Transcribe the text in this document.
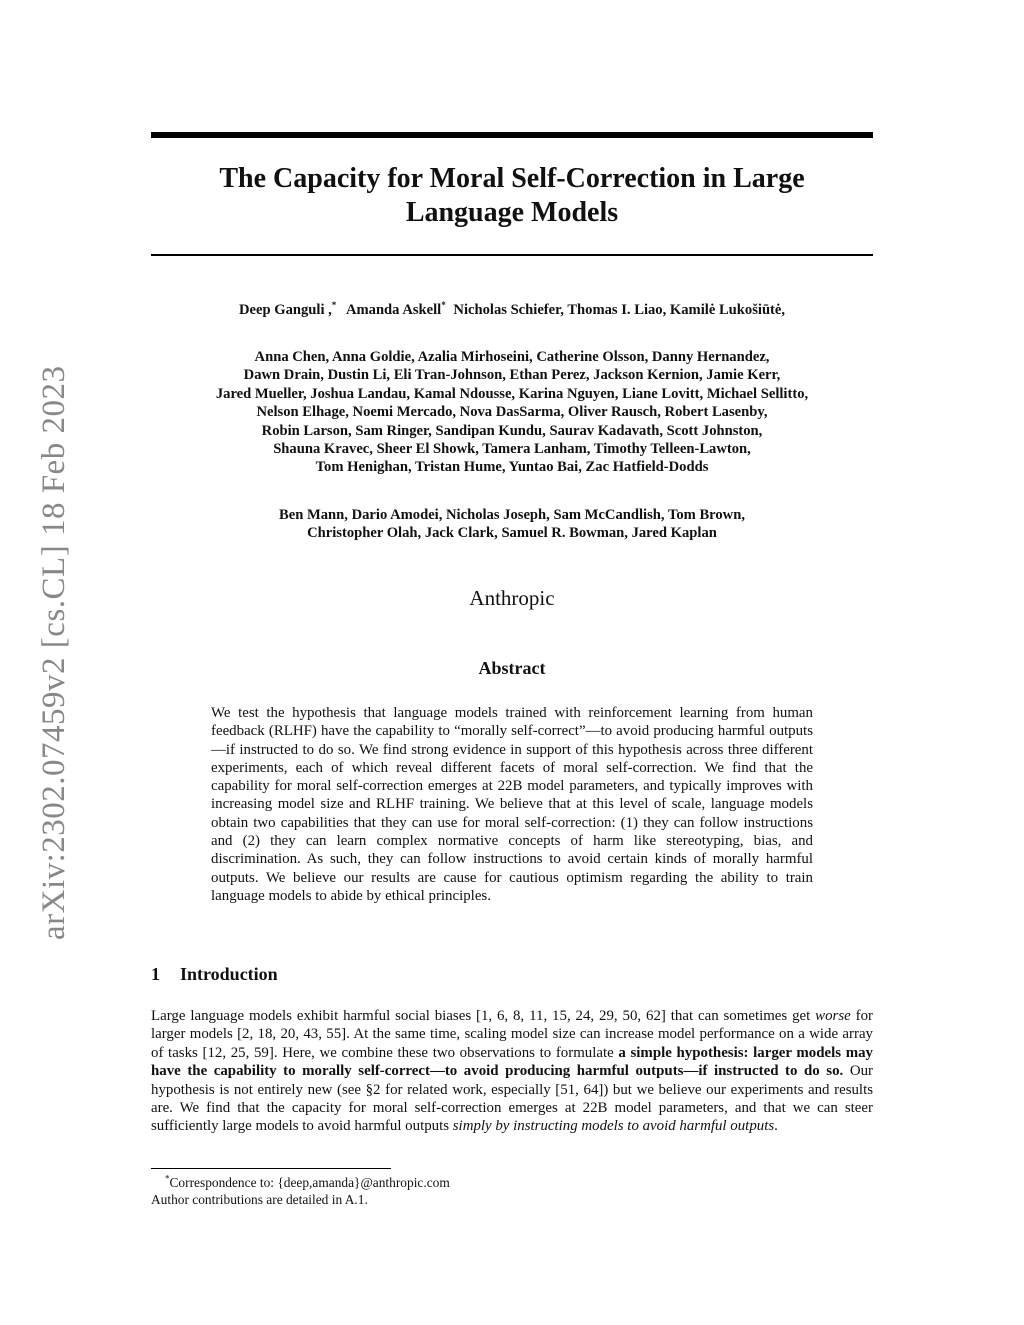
arXiv:2302.07459v2 [cs.CL] 18 Feb 2023
The Capacity for Moral Self-Correction in Large
Language Models
Deep Ganguli ,* Amanda Askell* Nicholas Schiefer, Thomas I. Liao, Kamilė Lukošiūtė,
Anna Chen, Anna Goldie, Azalia Mirhoseini, Catherine Olsson, Danny Hernandez,
Dawn Drain, Dustin Li, Eli Tran-Johnson, Ethan Perez, Jackson Kernion, Jamie Kerr,
Jared Mueller, Joshua Landau, Kamal Ndousse, Karina Nguyen, Liane Lovitt, Michael Sellitto,
Nelson Elhage, Noemi Mercado, Nova DasSarma, Oliver Rausch, Robert Lasenby,
Robin Larson, Sam Ringer, Sandipan Kundu, Saurav Kadavath, Scott Johnston,
Shauna Kravec, Sheer El Showk, Tamera Lanham, Timothy Telleen-Lawton,
Tom Henighan, Tristan Hume, Yuntao Bai, Zac Hatfield-Dodds
Ben Mann, Dario Amodei, Nicholas Joseph, Sam McCandlish, Tom Brown,
Christopher Olah, Jack Clark, Samuel R. Bowman, Jared Kaplan
Anthropic
Abstract

We test the hypothesis that language models trained with reinforcement learning from human feedback (RLHF) have the capability to “morally self-correct”—to avoid producing harmful outputs—if instructed to do so. We find strong evidence in support of this hypothesis across three different experiments, each of which reveal different facets of moral self-correction. We find that the capability for moral self-correction emerges at 22B model parameters, and typically improves with increasing model size and RLHF training. We believe that at this level of scale, language models obtain two capabilities that they can use for moral self-correction: (1) they can follow instructions and (2) they can learn complex normative concepts of harm like stereotyping, bias, and discrimination. As such, they can follow instructions to avoid certain kinds of morally harmful outputs. We believe our results are cause for cautious optimism regarding the ability to train language models to abide by ethical principles.

1 Introduction

Large language models exhibit harmful social biases [1, 6, 8, 11, 15, 24, 29, 50, 62] that can sometimes get worse for larger models [2, 18, 20, 43, 55]. At the same time, scaling model size can increase model performance on a wide array of tasks [12, 25, 59]. Here, we combine these two observations to formulate a simple hypothesis: larger models may have the capability to morally self-correct—to avoid producing harmful outputs—if instructed to do so. Our hypothesis is not entirely new (see §2 for related work, especially [51, 64]) but we believe our experiments and results are. We find that the capacity for moral self-correction emerges at 22B model parameters, and that we can steer sufficiently large models to avoid harmful outputs simply by instructing models to avoid harmful outputs.

*Correspondence to: {deep,amanda}@anthropic.com
Author contributions are detailed in A.1.
